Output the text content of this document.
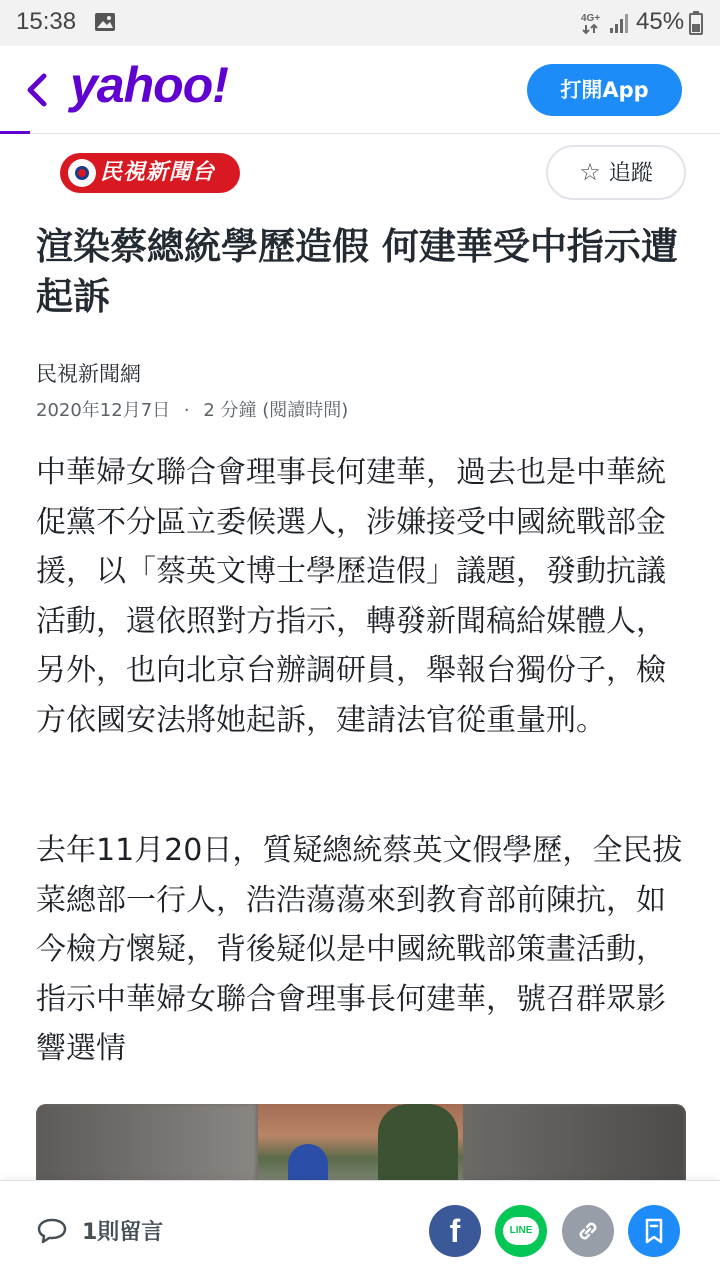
15:38	4G+ 45%
yahoo!	打開App
民視新聞台	☆ 追蹤
渲染蔡總統學歷造假 何建華受中指示遭起訴
民視新聞網
2020年12月7日 · 2 分鐘 (閱讀時間)

中華婦女聯合會理事長何建華，過去也是中華統促黨不分區立委候選人，涉嫌接受中國統戰部金援，以「蔡英文博士學歷造假」議題，發動抗議活動，還依照對方指示，轉發新聞稿給媒體人，另外，也向北京台辦調研員，舉報台獨份子，檢方依國安法將她起訴，建請法官從重量刑。

去年11月20日，質疑總統蔡英文假學歷，全民拔菜總部一行人，浩浩蕩蕩來到教育部前陳抗，如今檢方懷疑，背後疑似是中國統戰部策畫活動，指示中華婦女聯合會理事長何建華，號召群眾影響選情

1則留言	f	LINE
